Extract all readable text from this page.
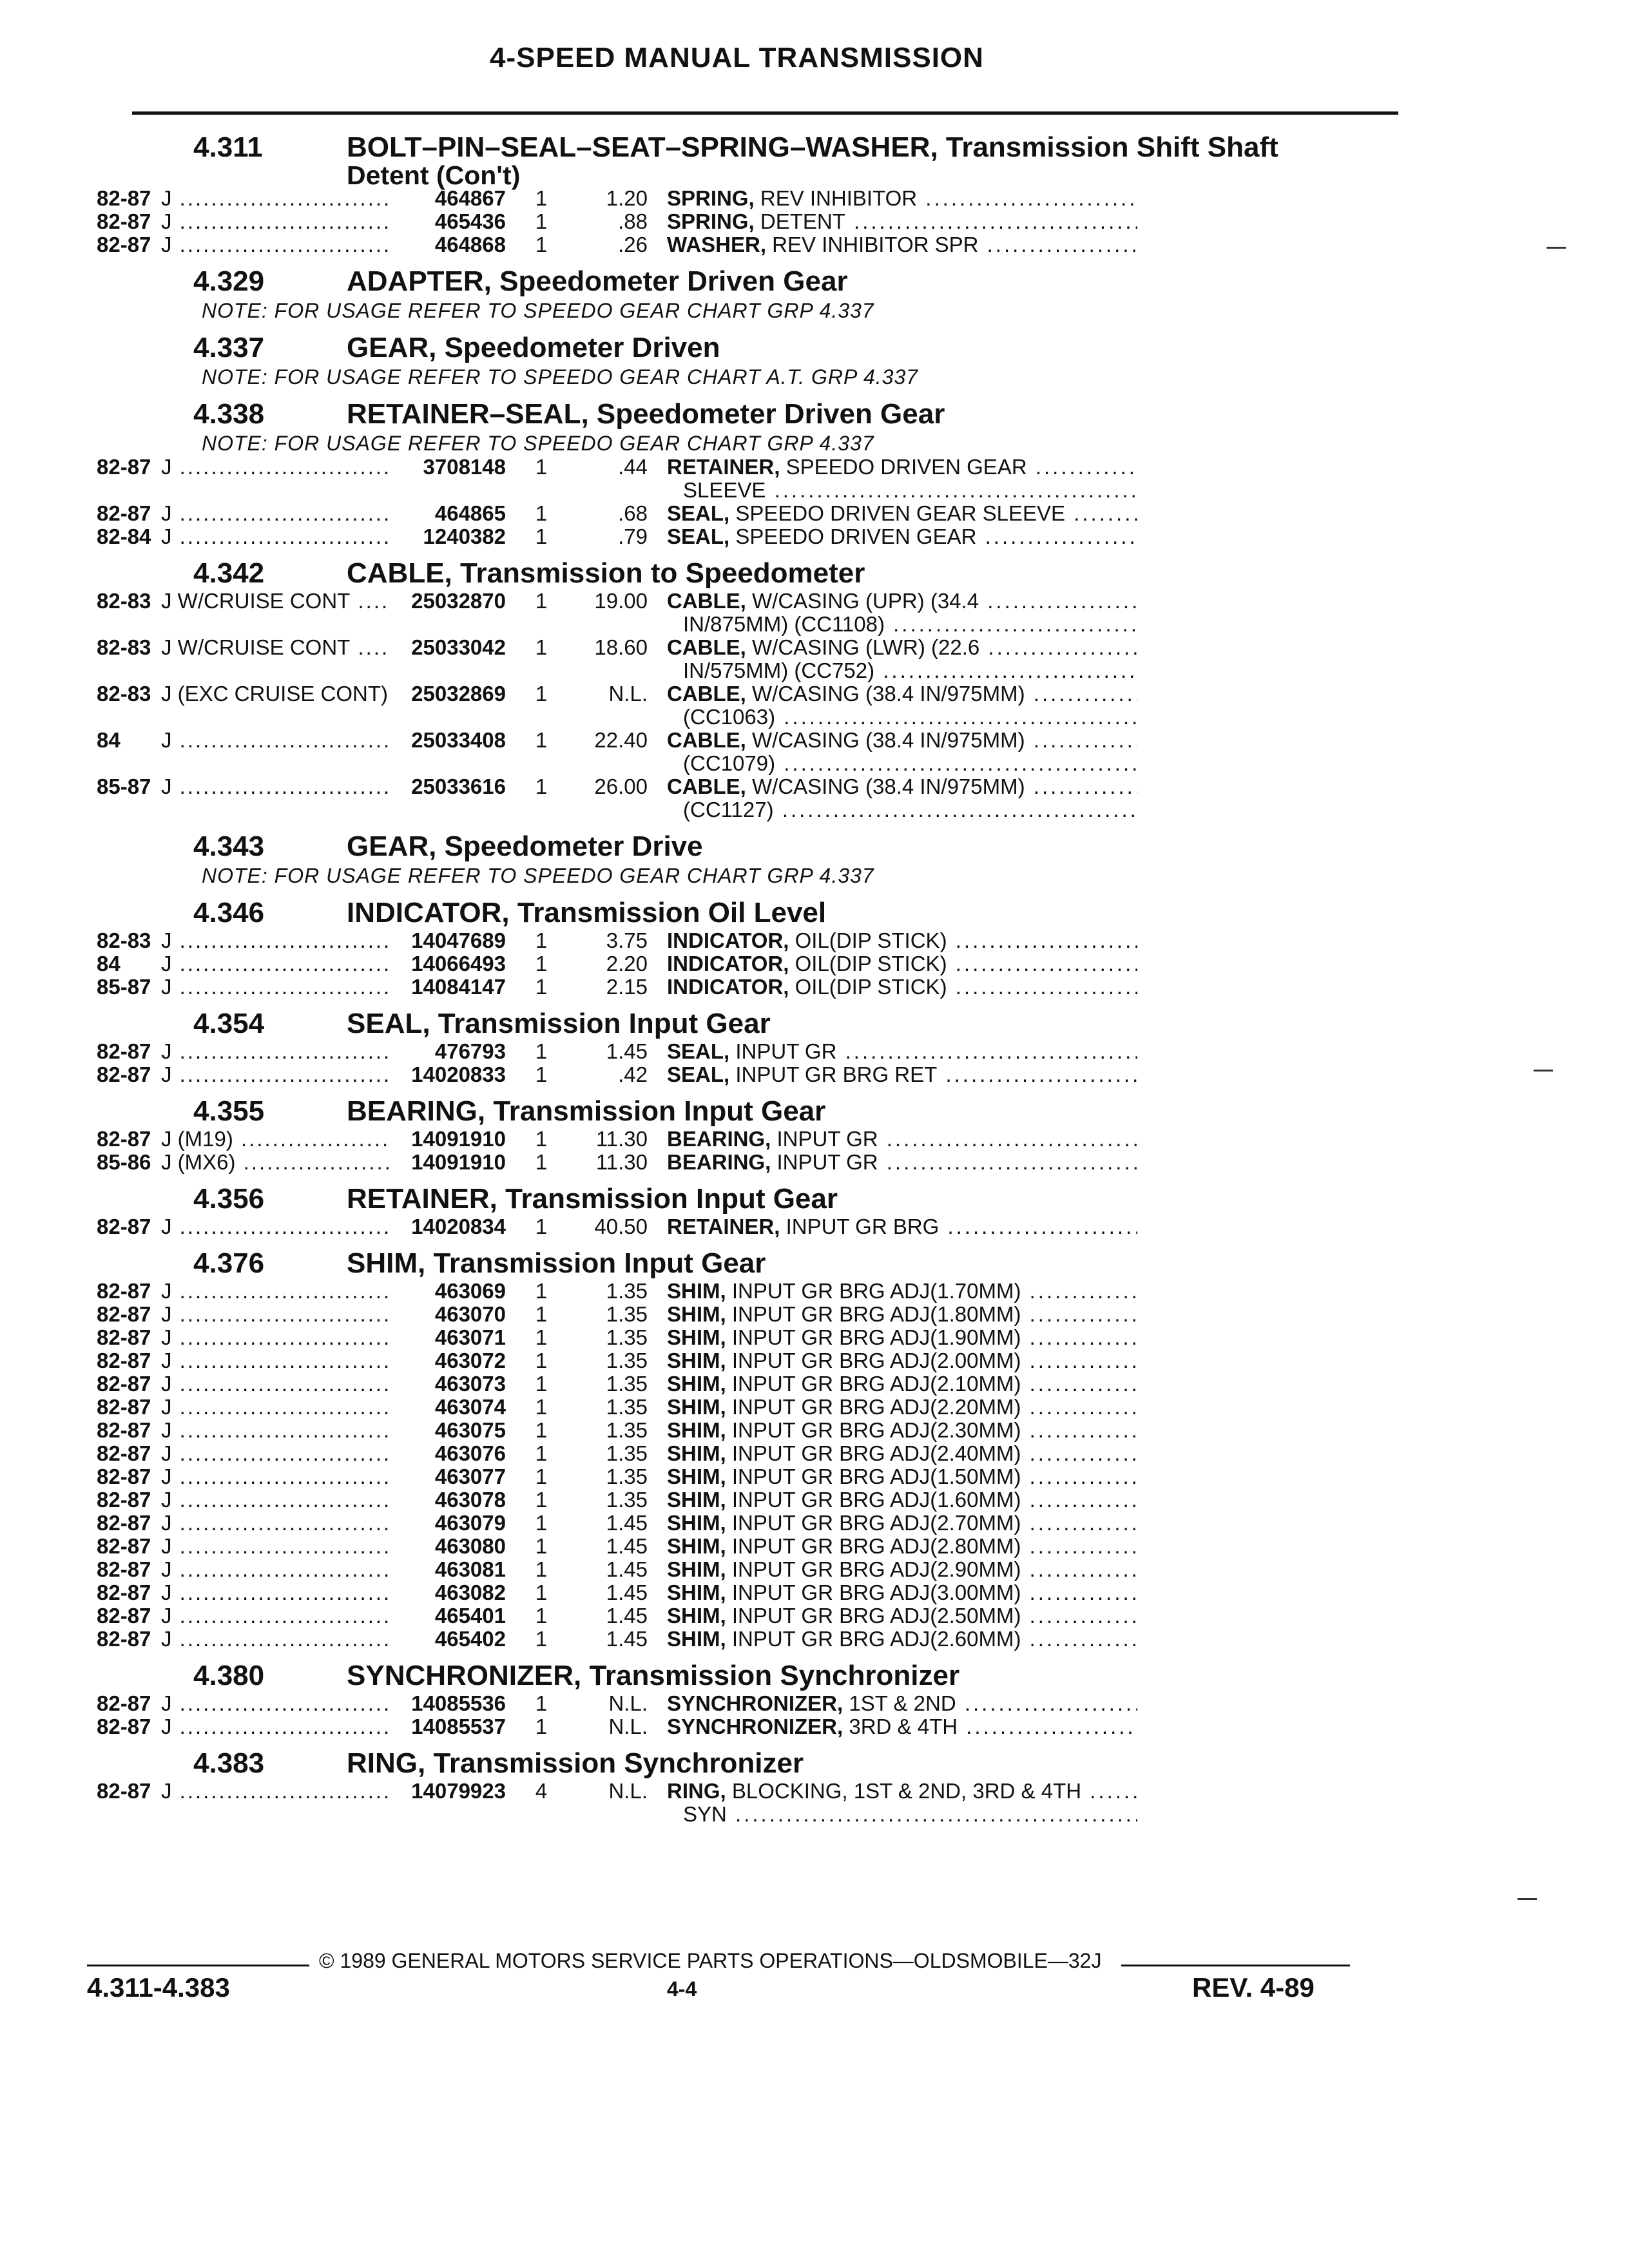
4-SPEED MANUAL TRANSMISSION
4.311	BOLT–PIN–SEAL–SEAT–SPRING–WASHER, Transmission Shift Shaft
Detent (Con't)
82-87 J .....	464867	1	1.20 SPRING, REV INHIBITOR .....
82-87 J .....	465436	1	.88 SPRING, DETENT .....
82-87 J .....	464868	1	.26 WASHER, REV INHIBITOR SPR .....
4.329	ADAPTER, Speedometer Driven Gear
NOTE: FOR USAGE REFER TO SPEEDO GEAR CHART GRP 4.337
4.337	GEAR, Speedometer Driven
NOTE: FOR USAGE REFER TO SPEEDO GEAR CHART A.T. GRP 4.337
4.338	RETAINER–SEAL, Speedometer Driven Gear
NOTE: FOR USAGE REFER TO SPEEDO GEAR CHART GRP 4.337
82-87 J .....	3708148	1	.44 RETAINER, SPEEDO DRIVEN GEAR .....
SLEEVE .....
82-87 J .....	464865	1	.68 SEAL, SPEEDO DRIVEN GEAR SLEEVE .....
82-84 J .....	1240382	1	.79 SEAL, SPEEDO DRIVEN GEAR .....
4.342	CABLE, Transmission to Speedometer
82-83 J W/CRUISE CONT .....	25032870	1	19.00 CABLE, W/CASING (UPR) (34.4 .....
IN/875MM) (CC1108) .....
82-83 J W/CRUISE CONT .....	25033042	1	18.60 CABLE, W/CASING (LWR) (22.6 .....
IN/575MM) (CC752) .....
82-83 J (EXC CRUISE CONT) .....	25032869	1	N.L. CABLE, W/CASING (38.4 IN/975MM) .....
(CC1063) .....
84	J .....	25033408	1	22.40 CABLE, W/CASING (38.4 IN/975MM) .....
(CC1079) .....
85-87 J .....	25033616	1	26.00 CABLE, W/CASING (38.4 IN/975MM) .....
(CC1127) .....
4.343	GEAR, Speedometer Drive
NOTE: FOR USAGE REFER TO SPEEDO GEAR CHART GRP 4.337
4.346	INDICATOR, Transmission Oil Level
82-83 J .....	14047689	1	3.75 INDICATOR, OIL(DIP STICK) .....
84	J .....	14066493	1	2.20 INDICATOR, OIL(DIP STICK) .....
85-87 J .....	14084147	1	2.15 INDICATOR, OIL(DIP STICK) .....
4.354	SEAL, Transmission Input Gear
82-87 J .....	476793	1	1.45 SEAL, INPUT GR .....
82-87 J .....	14020833	1	.42 SEAL, INPUT GR BRG RET .....
4.355	BEARING, Transmission Input Gear
82-87 J (M19) .....	14091910	1	11.30 BEARING, INPUT GR .....
85-86 J (MX6) .....	14091910	1	11.30 BEARING, INPUT GR .....
4.356	RETAINER, Transmission Input Gear
82-87 J .....	14020834	1	40.50 RETAINER, INPUT GR BRG .....
4.376	SHIM, Transmission Input Gear
82-87 J .....	463069	1	1.35 SHIM, INPUT GR BRG ADJ(1.70MM) .....
82-87 J .....	463070	1	1.35 SHIM, INPUT GR BRG ADJ(1.80MM) .....
82-87 J .....	463071	1	1.35 SHIM, INPUT GR BRG ADJ(1.90MM) .....
82-87 J .....	463072	1	1.35 SHIM, INPUT GR BRG ADJ(2.00MM) .....
82-87 J .....	463073	1	1.35 SHIM, INPUT GR BRG ADJ(2.10MM) .....
82-87 J .....	463074	1	1.35 SHIM, INPUT GR BRG ADJ(2.20MM) .....
82-87 J .....	463075	1	1.35 SHIM, INPUT GR BRG ADJ(2.30MM) .....
82-87 J .....	463076	1	1.35 SHIM, INPUT GR BRG ADJ(2.40MM) .....
82-87 J .....	463077	1	1.35 SHIM, INPUT GR BRG ADJ(1.50MM) .....
82-87 J .....	463078	1	1.35 SHIM, INPUT GR BRG ADJ(1.60MM) .....
82-87 J .....	463079	1	1.45 SHIM, INPUT GR BRG ADJ(2.70MM) .....
82-87 J .....	463080	1	1.45 SHIM, INPUT GR BRG ADJ(2.80MM) .....
82-87 J .....	463081	1	1.45 SHIM, INPUT GR BRG ADJ(2.90MM) .....
82-87 J .....	463082	1	1.45 SHIM, INPUT GR BRG ADJ(3.00MM) .....
82-87 J .....	465401	1	1.45 SHIM, INPUT GR BRG ADJ(2.50MM) .....
82-87 J .....	465402	1	1.45 SHIM, INPUT GR BRG ADJ(2.60MM) .....
4.380	SYNCHRONIZER, Transmission Synchronizer
82-87 J .....	14085536	1	N.L. SYNCHRONIZER, 1ST & 2ND .....
82-87 J .....	14085537	1	N.L. SYNCHRONIZER, 3RD & 4TH .....
4.383	RING, Transmission Synchronizer
82-87 J .....	14079923	4	N.L. RING, BLOCKING, 1ST & 2ND, 3RD & 4TH .....
SYN .....
© 1989 GENERAL MOTORS SERVICE PARTS OPERATIONS—OLDSMOBILE—32J
4.311-4.383	4-4	REV. 4-89
